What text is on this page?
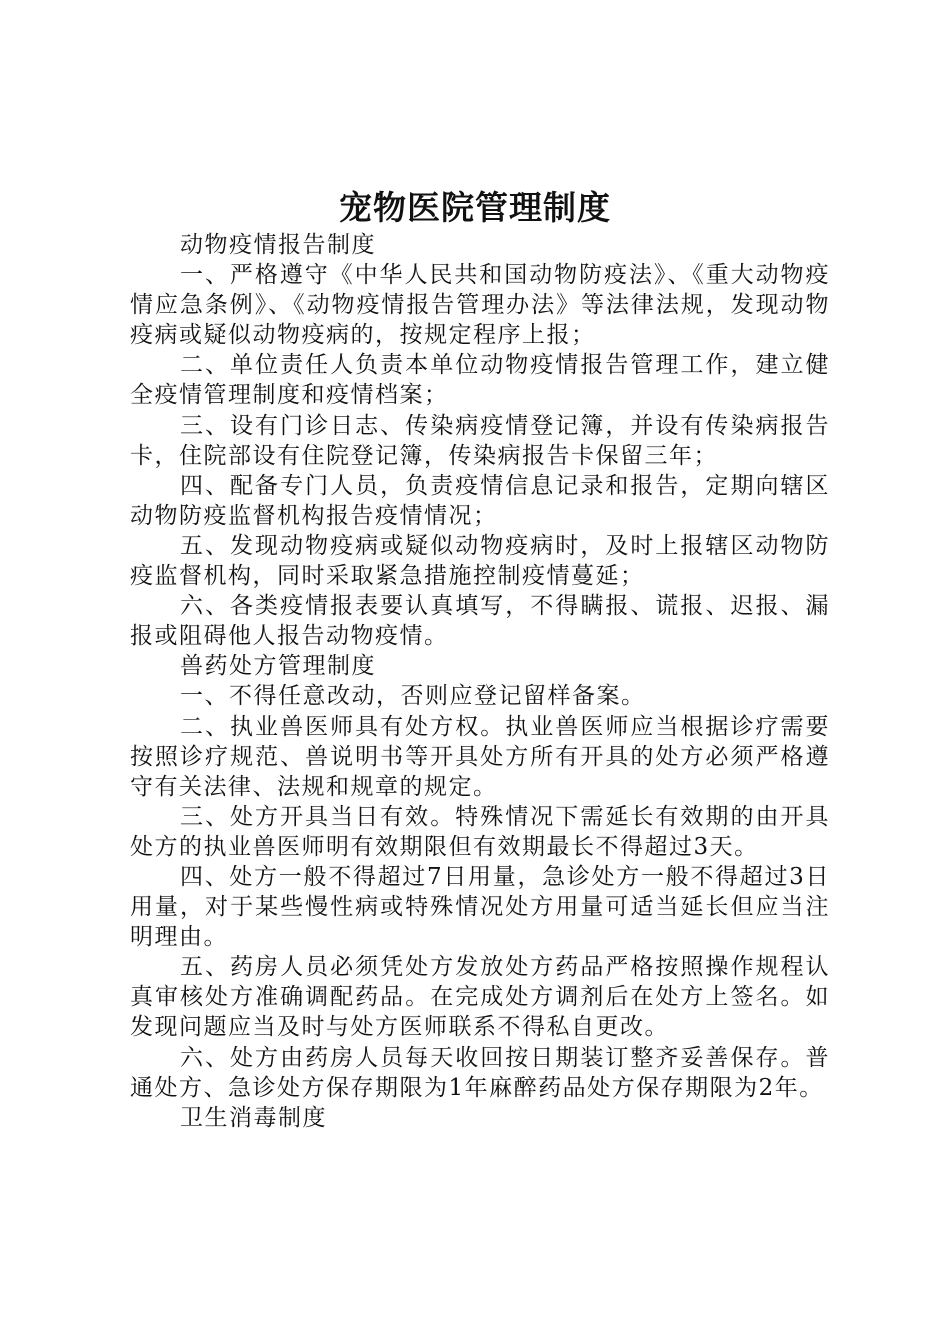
宠物医院管理制度

动物疫情报告制度

一、严格遵守《中华人民共和国动物防疫法》、《重大动物疫情应急条例》、《动物疫情报告管理办法》等法律法规，发现动物疫病或疑似动物疫病的，按规定程序上报；

二、单位责任人负责本单位动物疫情报告管理工作，建立健全疫情管理制度和疫情档案；

三、设有门诊日志、传染病疫情登记簿，并设有传染病报告卡，住院部设有住院登记簿，传染病报告卡保留三年；

四、配备专门人员，负责疫情信息记录和报告，定期向辖区动物防疫监督机构报告疫情情况；

五、发现动物疫病或疑似动物疫病时，及时上报辖区动物防疫监督机构，同时采取紧急措施控制疫情蔓延；

六、各类疫情报表要认真填写，不得瞒报、谎报、迟报、漏报或阻碍他人报告动物疫情。

兽药处方管理制度

一、不得任意改动，否则应登记留样备案。

二、执业兽医师具有处方权。执业兽医师应当根据诊疗需要按照诊疗规范、兽说明书等开具处方所有开具的处方必须严格遵守有关法律、法规和规章的规定。

三、处方开具当日有效。特殊情况下需延长有效期的由开具处方的执业兽医师明有效期限但有效期最长不得超过3天。

四、处方一般不得超过7日用量，急诊处方一般不得超过3日用量，对于某些慢性病或特殊情况处方用量可适当延长但应当注明理由。

五、药房人员必须凭处方发放处方药品严格按照操作规程认真审核处方准确调配药品。在完成处方调剂后在处方上签名。如发现问题应当及时与处方医师联系不得私自更改。

六、处方由药房人员每天收回按日期装订整齐妥善保存。普通处方、急诊处方保存期限为1年麻醉药品处方保存期限为2年。

卫生消毒制度
